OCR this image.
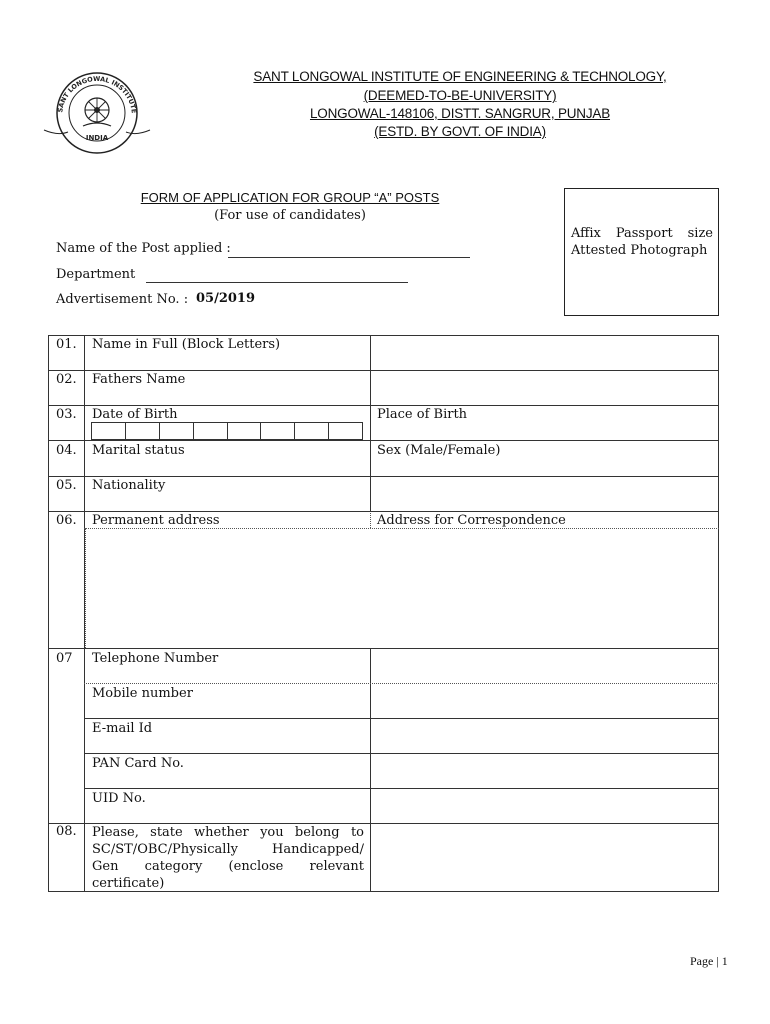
SANT LONGOWAL INSTITUTE
INDIA
SANT LONGOWAL INSTITUTE OF ENGINEERING & TECHNOLOGY,
(DEEMED-TO-BE-UNIVERSITY)
LONGOWAL-148106, DISTT. SANGRUR, PUNJAB
(ESTD. BY GOVT. OF INDIA)
FORM OF APPLICATION FOR GROUP “A” POSTS
(For use of candidates)
Name of the Post applied :
Department
Advertisement No. : 05/2019
Affix Passport size
Attested Photograph
01. Name in Full (Block Letters)
02. Fathers Name
03. Date of Birth	Place of Birth
04. Marital status	Sex (Male/Female)
05. Nationality
06. Permanent address	Address for Correspondence
07 Telephone Number
Mobile number
E-mail Id
PAN Card No.
UID No.
08. Please, state whether you belong to SC/ST/OBC/Physically Handicapped/ Gen category (enclose relevant certificate)
Page | 1
